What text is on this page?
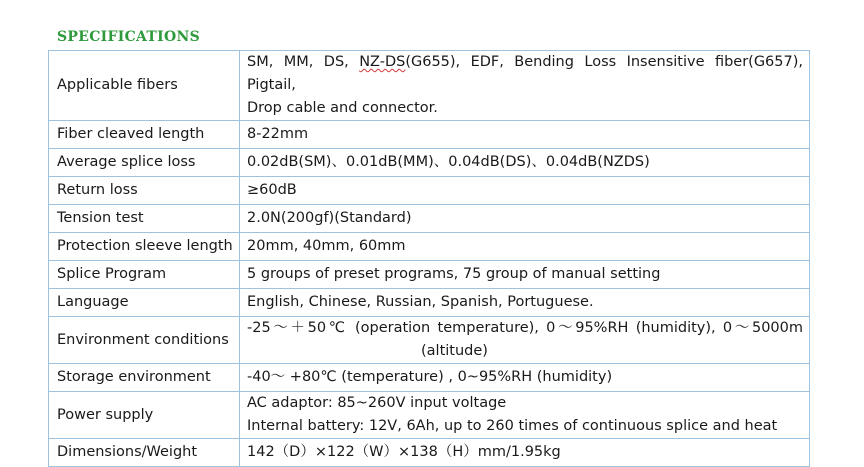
SPECIFICATIONS
Applicable fibers	SM, MM, DS, NZ-DS(G655), EDF, Bending Loss Insensitive fiber(G657), Pigtail,
Drop cable and connector.

Fiber cleaved length	8-22mm
Average splice loss	0.02dB(SM)、0.01dB(MM)、0.04dB(DS)、0.04dB(NZDS)
Return loss	≥60dB
Tension test	2.0N(200gf)(Standard)
Protection sleeve length	20mm, 40mm, 60mm
Splice Program	5 groups of preset programs, 75 group of manual setting
Language	English, Chinese, Russian, Spanish, Portuguese.
Environment conditions	-25～＋50℃ (operation temperature), 0～95%RH (humidity), 0～5000m
(altitude)

Storage environment	-40～ +80℃ (temperature) , 0~95%RH (humidity)
Power supply	AC adaptor: 85~260V input voltage
Internal battery: 12V, 6Ah, up to 260 times of continuous splice and heat

Dimensions/Weight	142（D）×122（W）×138（H）mm/1.95kg
